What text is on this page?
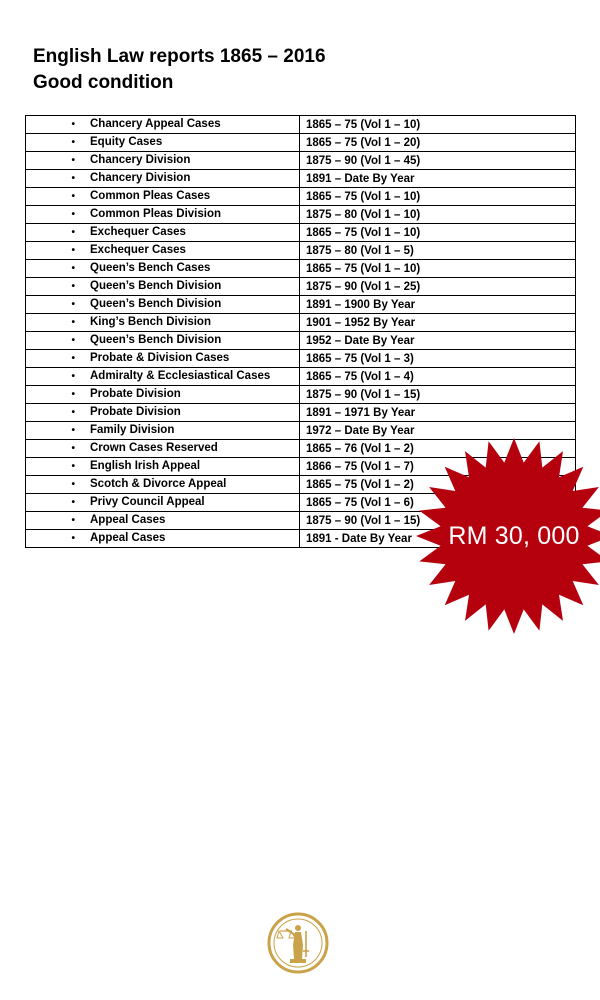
English Law reports 1865 – 2016
Good condition
• Chancery Appeal Cases	1865 – 75 (Vol 1 – 10)
• Equity Cases	1865 – 75 (Vol 1 – 20)
• Chancery Division	1875 – 90 (Vol 1 – 45)
• Chancery Division	1891 – Date By Year
• Common Pleas Cases	1865 – 75 (Vol 1 – 10)
• Common Pleas Division	1875 – 80 (Vol 1 – 10)
• Exchequer Cases	1865 – 75 (Vol 1 – 10)
• Exchequer Cases	1875 – 80 (Vol 1 – 5)
• Queen’s Bench Cases	1865 – 75 (Vol 1 – 10)
• Queen’s Bench Division	1875 – 90 (Vol 1 – 25)
• Queen’s Bench Division	1891 – 1900 By Year
• King’s Bench Division	1901 – 1952 By Year
• Queen’s Bench Division	1952 – Date By Year
• Probate & Division Cases	1865 – 75 (Vol 1 – 3)
• Admiralty & Ecclesiastical Cases	1865 – 75 (Vol 1 – 4)
• Probate Division	1875 – 90 (Vol 1 – 15)
• Probate Division	1891 – 1971 By Year
• Family Division	1972 – Date By Year
• Crown Cases Reserved	1865 – 76 (Vol 1 – 2)
• English Irish Appeal	1866 – 75 (Vol 1 – 7)
• Scotch & Divorce Appeal	1865 – 75 (Vol 1 – 2)
• Privy Council Appeal	1865 – 75 (Vol 1 – 6)
• Appeal Cases	1875 – 90 (Vol 1 – 15)
• Appeal Cases	1891 - Date By Year	RM 30, 000
